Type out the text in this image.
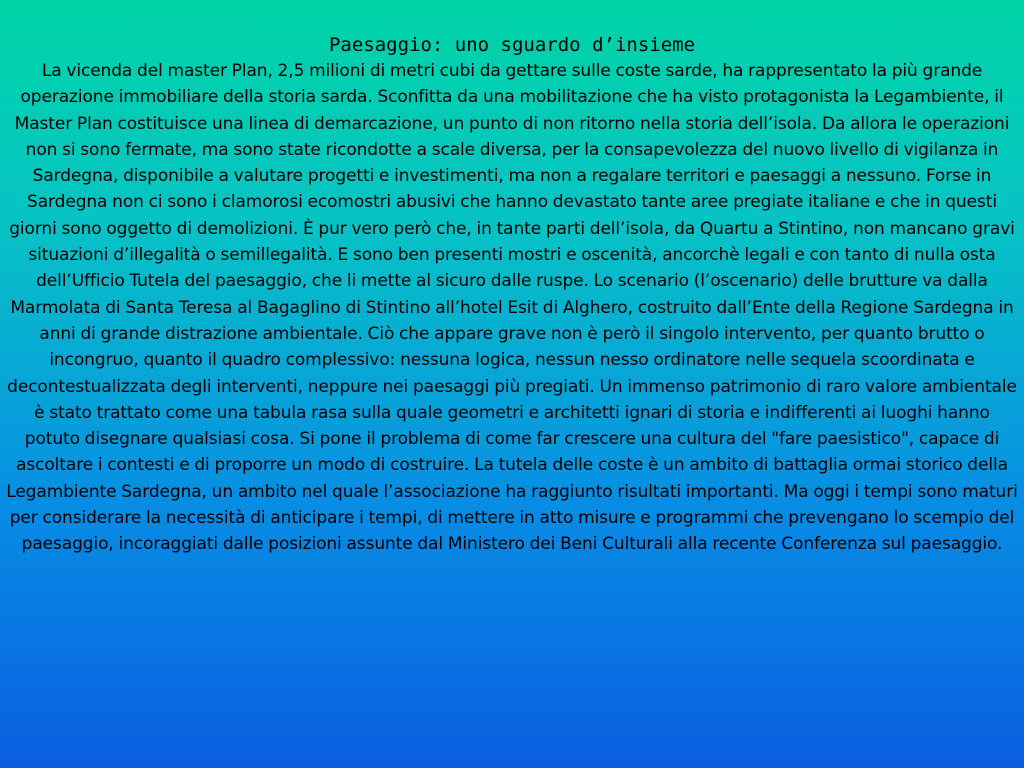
Paesaggio: uno sguardo d’insieme

La vicenda del master Plan, 2,5 milioni di metri cubi da gettare sulle coste sarde, ha rappresentato la più grande operazione immobiliare della storia sarda. Sconfitta da una mobilitazione che ha visto protagonista la Legambiente, il Master Plan costituisce una linea di demarcazione, un punto di non ritorno nella storia dell’isola. Da allora le operazioni non si sono fermate, ma sono state ricondotte a scale diversa, per la consapevolezza del nuovo livello di vigilanza in Sardegna, disponibile a valutare progetti e investimenti, ma non a regalare territori e paesaggi a nessuno. Forse in Sardegna non ci sono i clamorosi ecomostri abusivi che hanno devastato tante aree pregiate italiane e che in questi giorni sono oggetto di demolizioni. È pur vero però che, in tante parti dell’isola, da Quartu a Stintino, non mancano gravi situazioni d’illegalità o semillegalità. E sono ben presenti mostri e oscenità, ancorchè legali e con tanto di nulla osta dell’Ufficio Tutela del paesaggio, che li mette al sicuro dalle ruspe. Lo scenario (l’oscenario) delle brutture va dalla Marmolata di Santa Teresa al Bagaglino di Stintino all’hotel Esit di Alghero, costruito dall’Ente della Regione Sardegna in anni di grande distrazione ambientale. Ciò che appare grave non è però il singolo intervento, per quanto brutto o incongruo, quanto il quadro complessivo: nessuna logica, nessun nesso ordinatore nelle sequela scoordinata e decontestualizzata degli interventi, neppure nei paesaggi più pregiati. Un immenso patrimonio di raro valore ambientale è stato trattato come una tabula rasa sulla quale geometri e architetti ignari di storia e indifferenti ai luoghi hanno potuto disegnare qualsiasi cosa. Si pone il problema di come far crescere una cultura del "fare paesistico", capace di ascoltare i contesti e di proporre un modo di costruire. La tutela delle coste è un ambito di battaglia ormai storico della Legambiente Sardegna, un ambito nel quale l’associazione ha raggiunto risultati importanti. Ma oggi i tempi sono maturi per considerare la necessità di anticipare i tempi, di mettere in atto misure e programmi che prevengano lo scempio del paesaggio, incoraggiati dalle posizioni assunte dal Ministero dei Beni Culturali alla recente Conferenza sul paesaggio.
